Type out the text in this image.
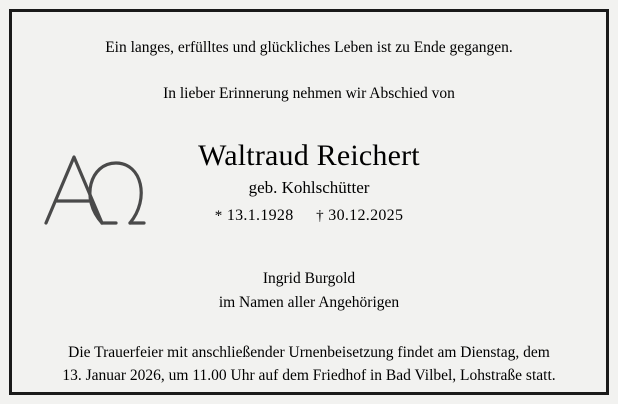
Ein langes, erfülltes und glückliches Leben ist zu Ende gegangen.

In lieber Erinnerung nehmen wir Abschied von

Waltraud Reichert
geb. Kohlschütter
* 13.1.1928 † 30.12.2025

Ingrid Burgold

im Namen aller Angehörigen

Die Trauerfeier mit anschließender Urnenbeisetzung findet am Dienstag, dem

13. Januar 2026, um 11.00 Uhr auf dem Friedhof in Bad Vilbel, Lohstraße statt.
